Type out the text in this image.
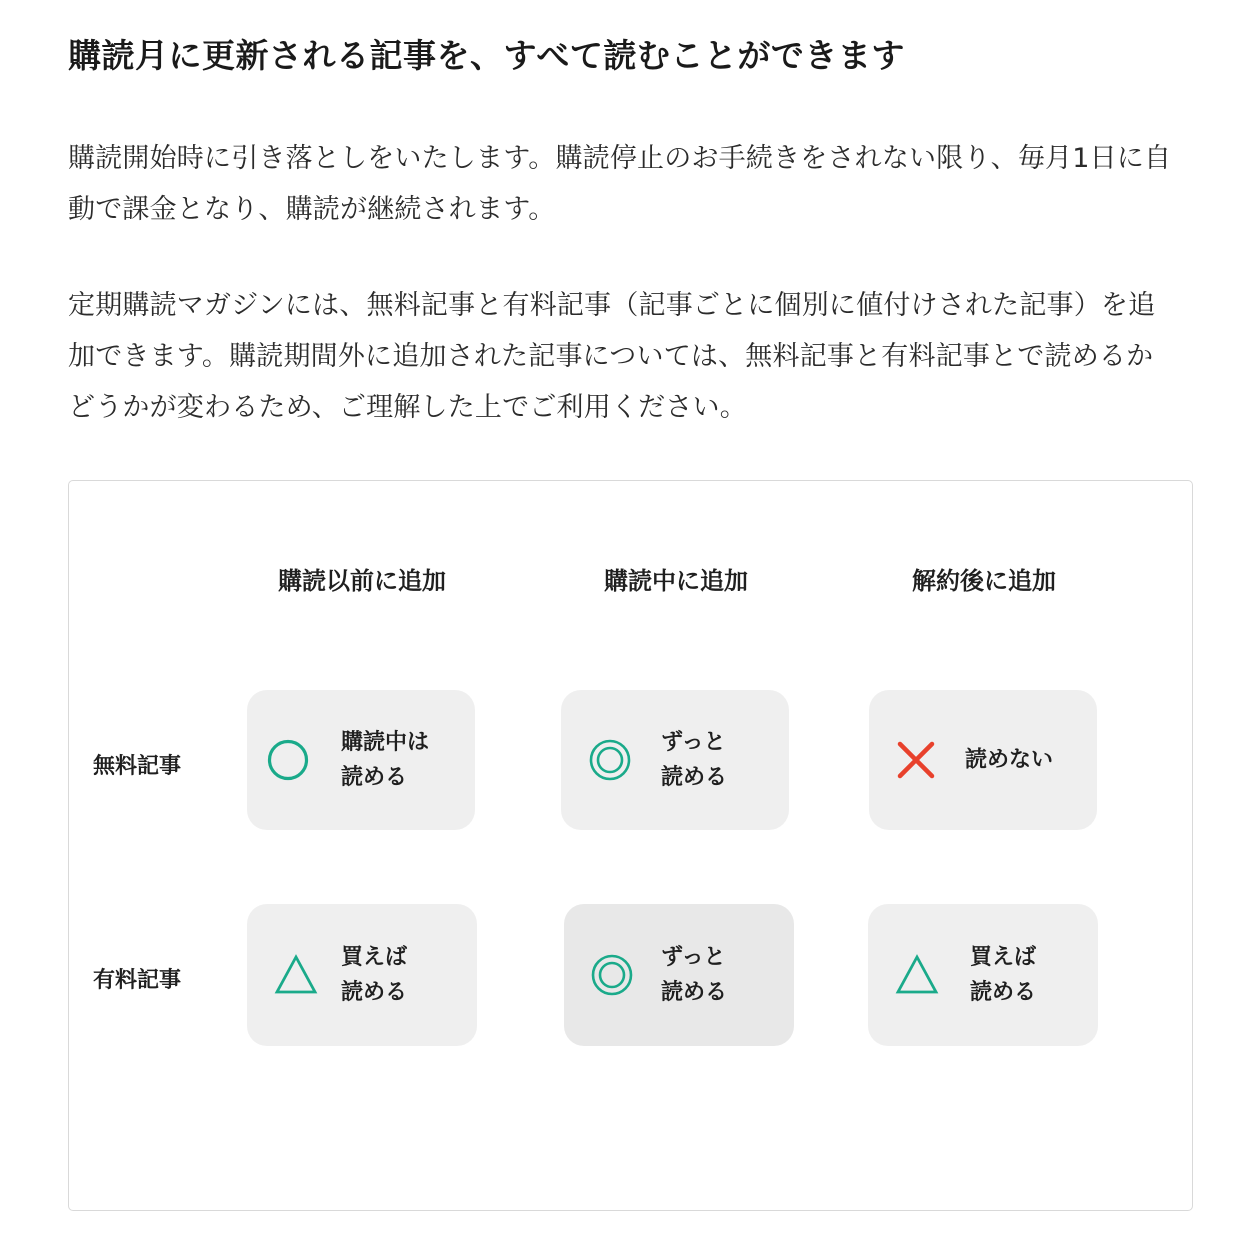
購読月に更新される記事を、すべて読むことができます
購読開始時に引き落としをいたします。購読停止のお手続きをされない限り、毎月1日に自
動で課金となり、購読が継続されます。
定期購読マガジンには、無料記事と有料記事（記事ごとに個別に値付けされた記事）を追
加できます。購読期間外に追加された記事については、無料記事と有料記事とで読めるか
どうかが変わるため、ご理解した上でご利用ください。
購読以前に追加	購読中に追加	解約後に追加
無料記事
有料記事
購読中は
読める
ずっと
読める
読めない
買えば
読める
ずっと
読める
買えば
読める
